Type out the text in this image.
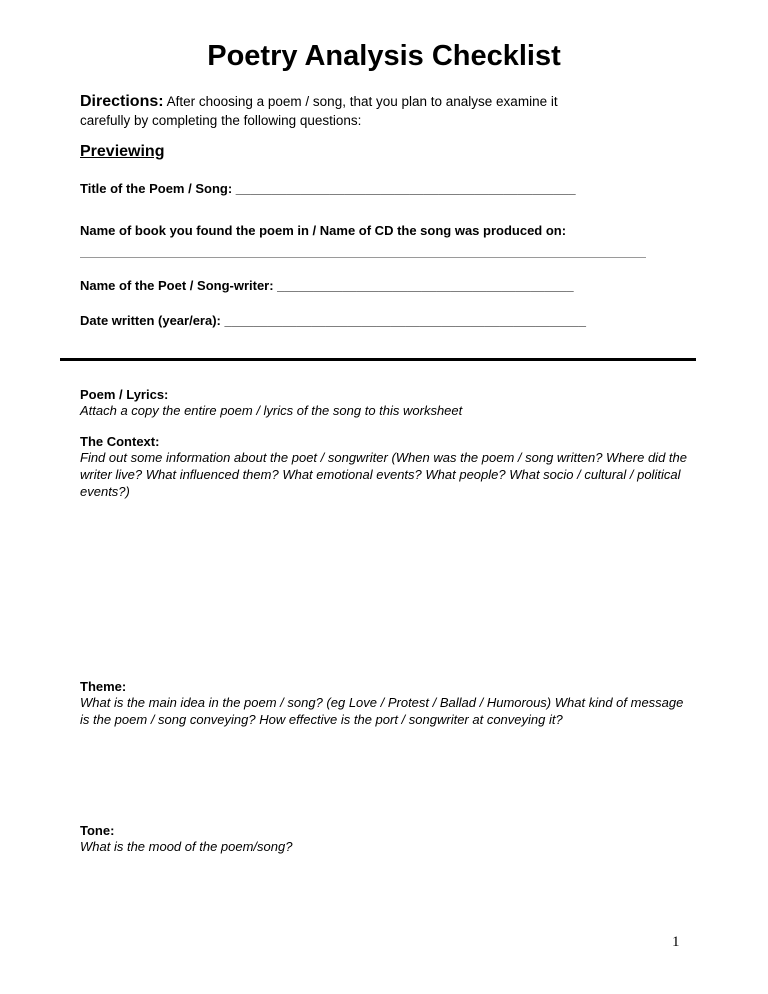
Poetry Analysis Checklist
Directions: After choosing a poem / song, that you plan to analyse examine it
carefully by completing the following questions:
Previewing
Title of the Poem / Song: _______________________________________________
Name of book you found the poem in / Name of CD the song was produced on:
Name of the Poet / Song-writer: _________________________________________
Date written (year/era): __________________________________________________
Poem / Lyrics:
Attach a copy the entire poem / lyrics of the song to this worksheet
The Context:
Find out some information about the poet / songwriter (When was the poem / song written? Where did the writer live? What influenced them? What emotional events? What people? What socio / cultural / political events?)
Theme:
What is the main idea in the poem / song? (eg Love / Protest / Ballad / Humorous) What kind of message is the poem / song conveying? How effective is the port / songwriter at conveying it?
Tone:
What is the mood of the poem/song?
1
